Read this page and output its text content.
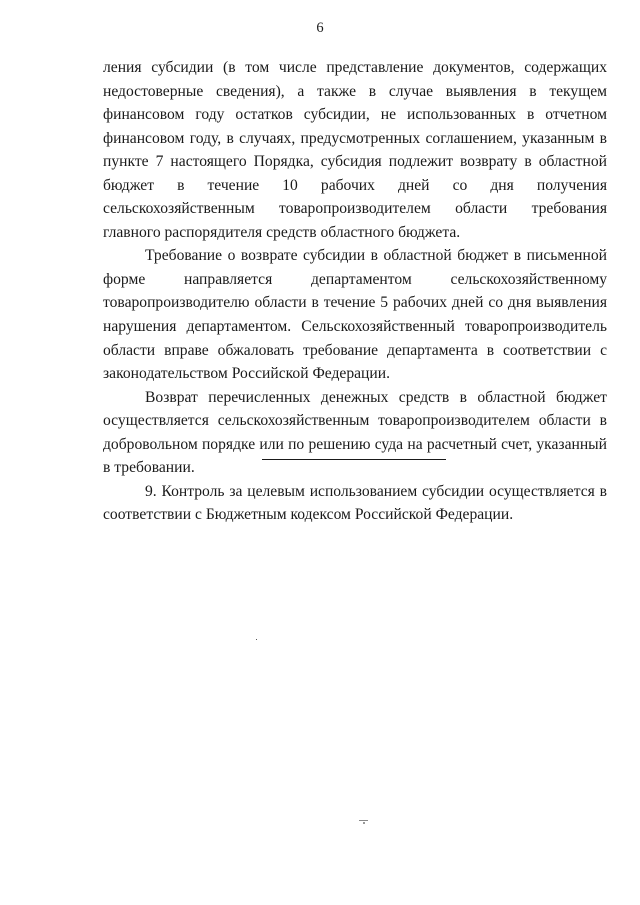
6

ления субсидии (в том числе представление документов, содержащих недостоверные сведения), а также в случае выявления в текущем финансовом году остатков субсидии, не использованных в отчетном финансовом году, в случаях, предусмотренных соглашением, указанным в пункте 7 настоящего Порядка, субсидия подлежит возврату в областной бюджет в течение 10 рабочих дней со дня получения сельскохозяйственным товаропроизводителем области требования главного распорядителя средств областного бюджета.

Требование о возврате субсидии в областной бюджет в письменной форме направляется департаментом сельскохозяйственному товаропроизводителю области в течение 5 рабочих дней со дня выявления нарушения департаментом. Сельскохозяйственный товаропроизводитель области вправе обжаловать требование департамента в соответствии с законодательством Российской Федерации.

Возврат перечисленных денежных средств в областной бюджет осуществляется сельскохозяйственным товаропроизводителем области в добровольном порядке или по решению суда на расчетный счет, указанный в требовании.

9. Контроль за целевым использованием субсидии осуществляется в соответствии с Бюджетным кодексом Российской Федерации.
